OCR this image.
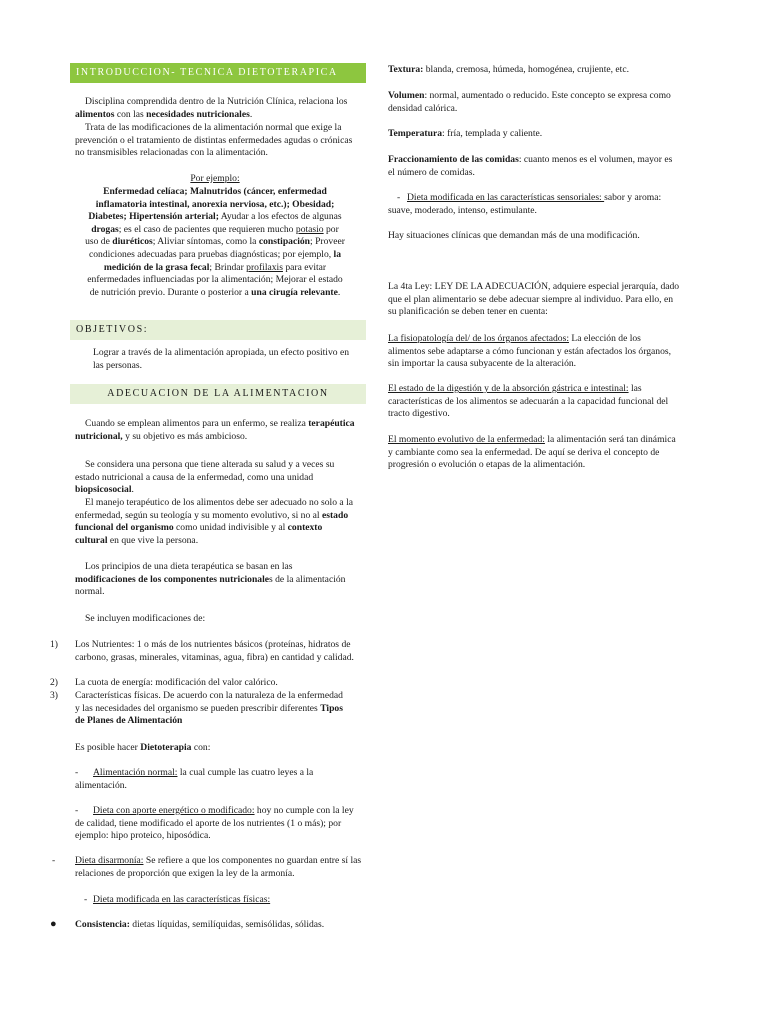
INTRODUCCION- TECNICA DIETOTERAPICA
Disciplina comprendida dentro de la Nutrición Clínica, relaciona los alimentos con las necesidades nutricionales.
Trata de las modificaciones de la alimentación normal que exige la prevención o el tratamiento de distintas enfermedades agudas o crónicas no transmisibles relacionadas con la alimentación.
Por ejemplo:
Enfermedad celíaca; Malnutridos (cáncer, enfermedad
inflamatoria intestinal, anorexia nerviosa, etc.); Obesidad;
Diabetes; Hipertensión arterial; Ayudar a los efectos de algunas
drogas; es el caso de pacientes que requieren mucho potasio por
uso de diuréticos; Aliviar síntomas, como la constipación; Proveer
condiciones adecuadas para pruebas diagnósticas; por ejemplo, la
medición de la grasa fecal; Brindar profilaxis para evitar
enfermedades influenciadas por la alimentación; Mejorar el estado
de nutrición previo. Durante o posterior a una cirugía relevante.
OBJETIVOS:
Lograr a través de la alimentación apropiada, un efecto positivo en las personas.
ADECUACION DE LA ALIMENTACION
Cuando se emplean alimentos para un enfermo, se realiza terapéutica nutricional, y su objetivo es más ambicioso.
Se considera una persona que tiene alterada su salud y a veces su estado nutricional a causa de la enfermedad, como una unidad biopsicosocial.
El manejo terapéutico de los alimentos debe ser adecuado no solo a la enfermedad, según su teología y su momento evolutivo, si no al estado funcional del organismo como unidad indivisible y al contexto cultural en que vive la persona.
Los principios de una dieta terapéutica se basan en las modificaciones de los componentes nutricionales de la alimentación normal.
Se incluyen modificaciones de:
1) Los Nutrientes: 1 o más de los nutrientes básicos (proteínas, hidratos de carbono, grasas, minerales, vitaminas, agua, fibra) en cantidad y calidad.
2) La cuota de energía: modificación del valor calórico.
3) Características físicas. De acuerdo con la naturaleza de la enfermedad y las necesidades del organismo se pueden prescribir diferentes Tipos de Planes de Alimentación
Es posible hacer Dietoterapia con:
-	Alimentación normal: la cual cumple las cuatro leyes a la alimentación.
-	Dieta con aporte energético o modificado: hoy no cumple con la ley de calidad, tiene modificado el aporte de los nutrientes (1 o más); por ejemplo: hipo proteico, hiposódica.
- Dieta disarmonía: Se refiere a que los componentes no guardan entre sí las relaciones de proporción que exigen la ley de la armonía.
- Dieta modificada en las características físicas:
● Consistencia: dietas líquidas, semilíquidas, semisólidas, sólidas.
Textura: blanda, cremosa, húmeda, homogénea, crujiente, etc.
Volumen: normal, aumentado o reducido. Este concepto se expresa como densidad calórica.
Temperatura: fría, templada y caliente.
Fraccionamiento de las comidas: cuanto menos es el volumen, mayor es el número de comidas.
- Dieta modificada en las características sensoriales: sabor y aroma: suave, moderado, intenso, estimulante.
Hay situaciones clínicas que demandan más de una modificación.
La 4ta Ley: LEY DE LA ADECUACIÓN, adquiere especial jerarquía, dado que el plan alimentario se debe adecuar siempre al individuo. Para ello, en su planificación se deben tener en cuenta:
La fisiopatología del/ de los órganos afectados: La elección de los alimentos sebe adaptarse a cómo funcionan y están afectados los órganos, sin importar la causa subyacente de la alteración.
El estado de la digestión y de la absorción gástrica e intestinal: las características de los alimentos se adecuarán a la capacidad funcional del tracto digestivo.
El momento evolutivo de la enfermedad: la alimentación será tan dinámica y cambiante como sea la enfermedad. De aquí se deriva el concepto de progresión o evolución o etapas de la alimentación.
